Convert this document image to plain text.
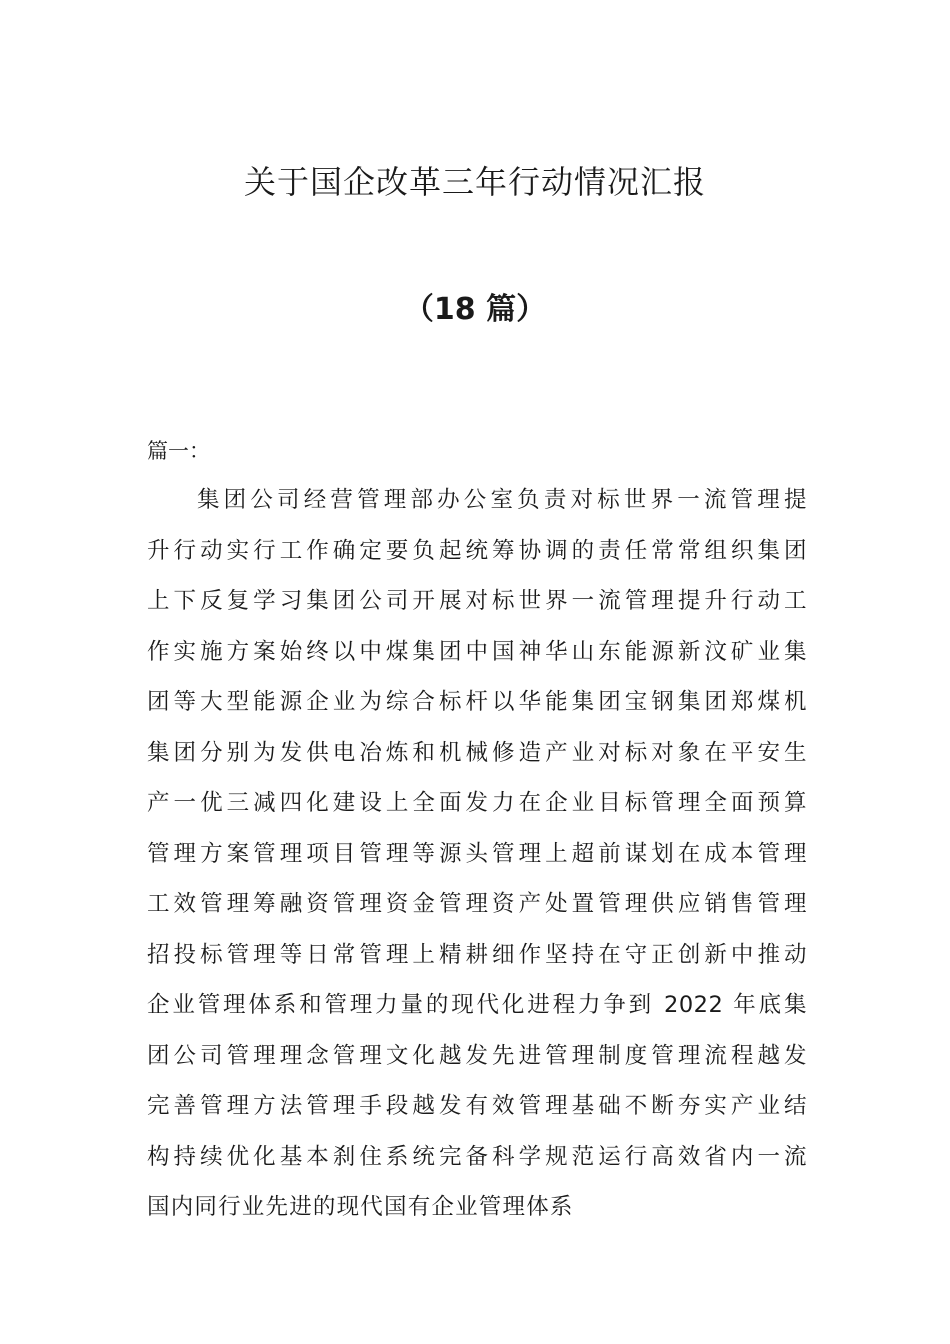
关于国企改革三年行动情况汇报
（18 篇）

篇一：

集团公司经营管理部办公室负责对标世界一流管理提
升行动实行工作确定要负起统筹协调的责任常常组织集团
上下反复学习集团公司开展对标世界一流管理提升行动工
作实施方案始终以中煤集团中国神华山东能源新汶矿业集
团等大型能源企业为综合标杆以华能集团宝钢集团郑煤机
集团分别为发供电冶炼和机械修造产业对标对象在平安生
产一优三减四化建设上全面发力在企业目标管理全面预算
管理方案管理项目管理等源头管理上超前谋划在成本管理
工效管理筹融资管理资金管理资产处置管理供应销售管理
招投标管理等日常管理上精耕细作坚持在守正创新中推动
企业管理体系和管理力量的现代化进程力争到 2022 年底集
团公司管理理念管理文化越发先进管理制度管理流程越发
完善管理方法管理手段越发有效管理基础不断夯实产业结
构持续优化基本刹住系统完备科学规范运行高效省内一流
国内同行业先进的现代国有企业管理体系
